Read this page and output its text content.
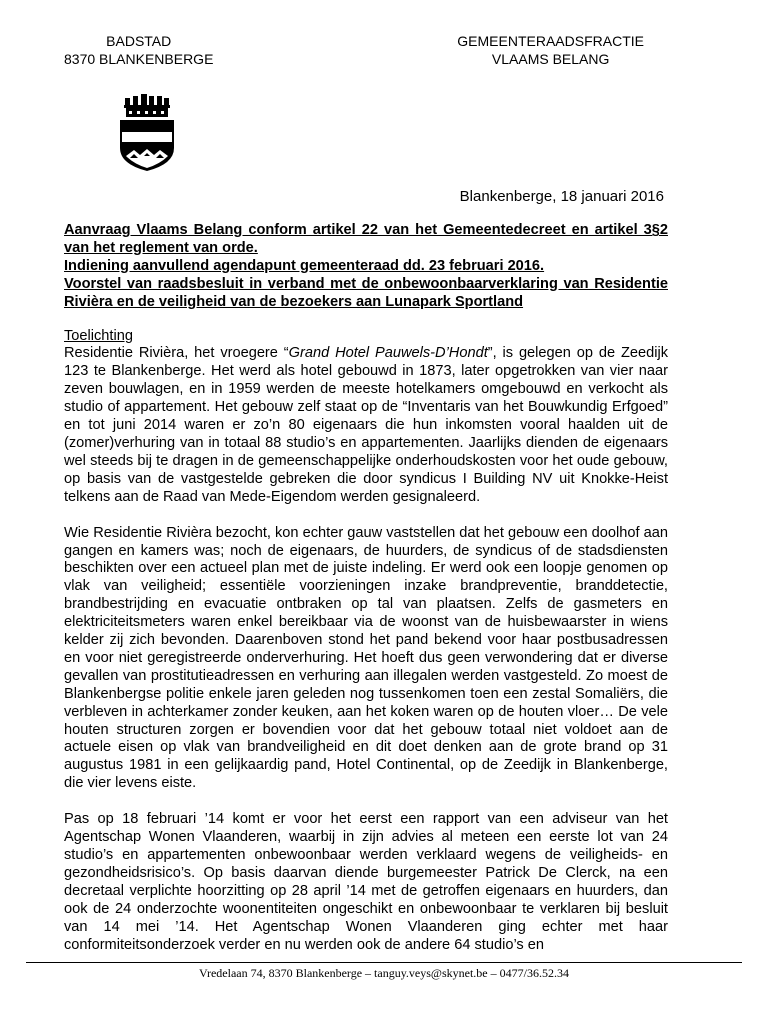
BADSTAD
8370 BLANKENBERGE
GEMEENTERAADSFRACTIE
VLAAMS BELANG
Blankenberge, 18 januari 2016

Aanvraag Vlaams Belang conform artikel 22 van het Gemeentedecreet en artikel 3§2 van het reglement van orde.

Indiening aanvullend agendapunt gemeenteraad dd. 23 februari 2016.

Voorstel van raadsbesluit in verband met de onbewoonbaarverklaring van Residentie Rivièra en de veiligheid van de bezoekers aan Lunapark Sportland

Toelichting

Residentie Rivièra, het vroegere “Grand Hotel Pauwels-D’Hondt”, is gelegen op de Zeedijk 123 te Blankenberge. Het werd als hotel gebouwd in 1873, later opgetrokken van vier naar zeven bouwlagen, en in 1959 werden de meeste hotelkamers omgebouwd en verkocht als studio of appartement. Het gebouw zelf staat op de “Inventaris van het Bouwkundig Erfgoed” en tot juni 2014 waren er zo’n 80 eigenaars die hun inkomsten vooral haalden uit de (zomer)verhuring van in totaal 88 studio’s en appartementen. Jaarlijks dienden de eigenaars wel steeds bij te dragen in de gemeenschappelijke onderhoudskosten voor het oude gebouw, op basis van de vastgestelde gebreken die door syndicus I Building NV uit Knokke-Heist telkens aan de Raad van Mede-Eigendom werden gesignaleerd.

Wie Residentie Rivièra bezocht, kon echter gauw vaststellen dat het gebouw een doolhof aan gangen en kamers was; noch de eigenaars, de huurders, de syndicus of de stadsdiensten beschikten over een actueel plan met de juiste indeling. Er werd ook een loopje genomen op vlak van veiligheid; essentiële voorzieningen inzake brandpreventie, branddetectie, brandbestrijding en evacuatie ontbraken op tal van plaatsen. Zelfs de gasmeters en elektriciteitsmeters waren enkel bereikbaar via de woonst van de huisbewaarster in wiens kelder zij zich bevonden. Daarenboven stond het pand bekend voor haar postbusadressen en voor niet geregistreerde onderverhuring. Het hoeft dus geen verwondering dat er diverse gevallen van prostitutieadressen en verhuring aan illegalen werden vastgesteld. Zo moest de Blankenbergse politie enkele jaren geleden nog tussenkomen toen een zestal Somaliërs, die verbleven in achterkamer zonder keuken, aan het koken waren op de houten vloer… De vele houten structuren zorgen er bovendien voor dat het gebouw totaal niet voldoet aan de actuele eisen op vlak van brandveiligheid en dit doet denken aan de grote brand op 31 augustus 1981 in een gelijkaardig pand, Hotel Continental, op de Zeedijk in Blankenberge, die vier levens eiste.

Pas op 18 februari ’14 komt er voor het eerst een rapport van een adviseur van het Agentschap Wonen Vlaanderen, waarbij in zijn advies al meteen een eerste lot van 24 studio’s en appartementen onbewoonbaar werden verklaard wegens de veiligheids- en gezondheidsrisico’s. Op basis daarvan diende burgemeester Patrick De Clerck, na een decretaal verplichte hoorzitting op 28 april ’14 met de getroffen eigenaars en huurders, dan ook de 24 onderzochte woonentiteiten ongeschikt en onbewoonbaar te verklaren bij besluit van 14 mei ’14. Het Agentschap Wonen Vlaanderen ging echter met haar conformiteitsonderzoek verder en nu werden ook de andere 64 studio’s en

Vredelaan 74, 8370 Blankenberge – tanguy.veys@skynet.be – 0477/36.52.34
